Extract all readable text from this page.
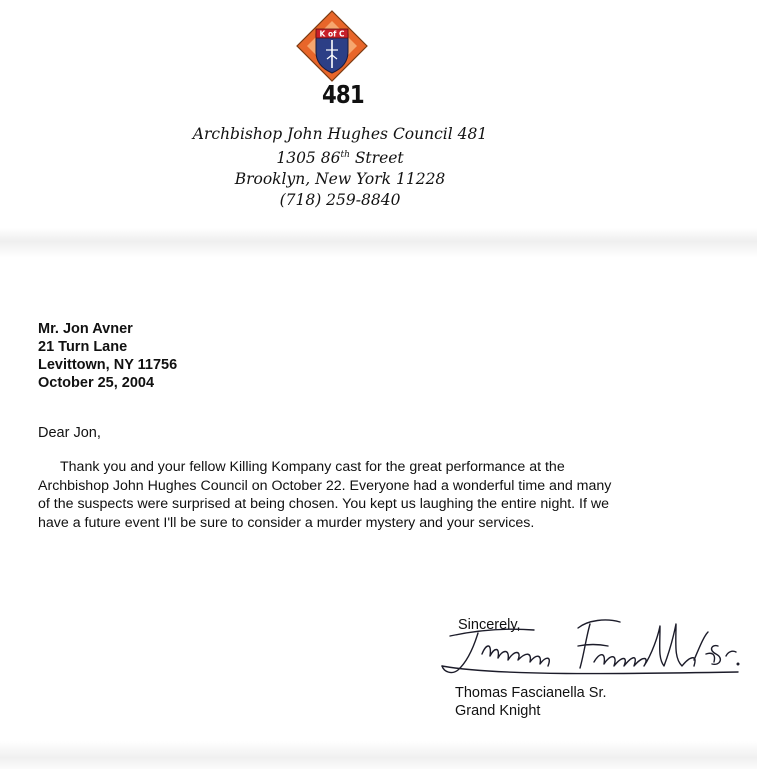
K of C
481
Archbishop John Hughes Council 481
1305 86th Street
Brooklyn, New York 11228
(718) 259-8840
Mr. Jon Avner
21 Turn Lane
Levittown, NY 11756
October 25, 2004
Dear Jon,
Thank you and your fellow Killing Kompany cast for the great performance at the Archbishop John Hughes Council on October 22. Everyone had a wonderful time and many of the suspects were surprised at being chosen. You kept us laughing the entire night. If we have a future event I'll be sure to consider a murder mystery and your services.
Sincerely,
Thomas Fascianella Sr.
Grand Knight
